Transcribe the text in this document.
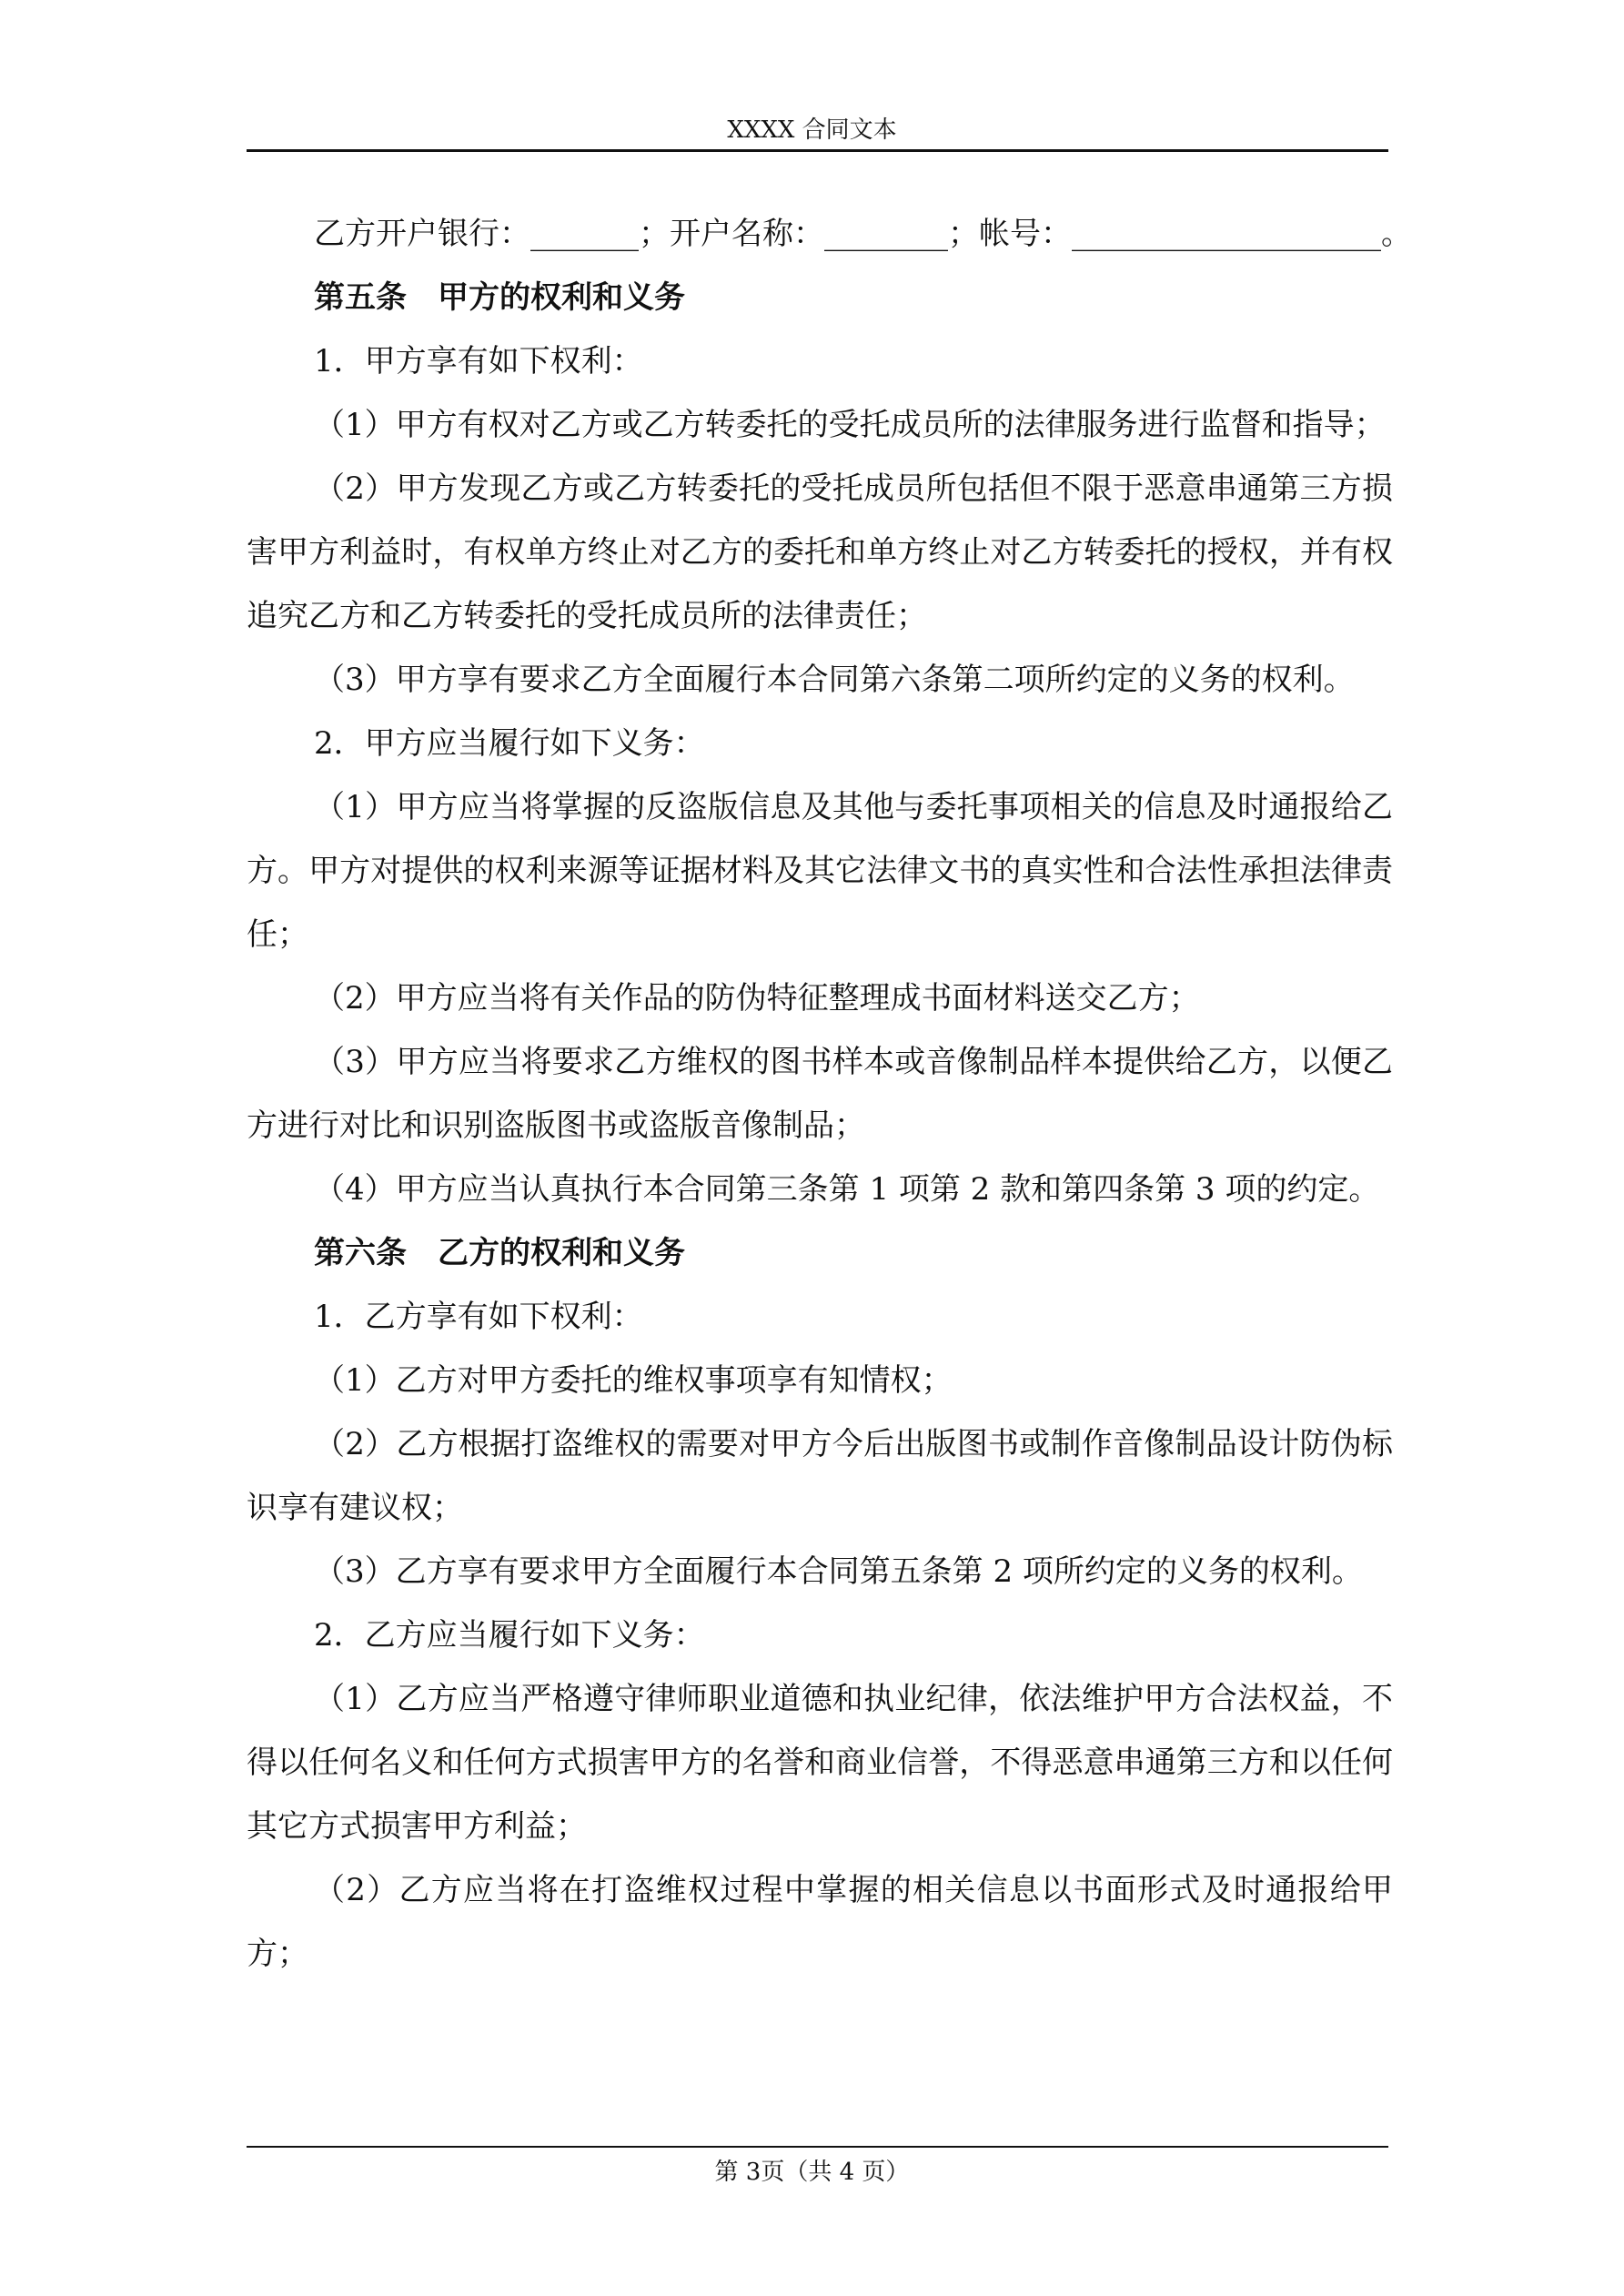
XXXX 合同文本

乙方开户银行：_______；开户名称：________；帐号：____________________。

第五条　甲方的权利和义务

1．甲方享有如下权利：

（1）甲方有权对乙方或乙方转委托的受托成员所的法律服务进行监督和指导；

（2）甲方发现乙方或乙方转委托的受托成员所包括但不限于恶意串通第三方损害甲方利益时，有权单方终止对乙方的委托和单方终止对乙方转委托的授权，并有权追究乙方和乙方转委托的受托成员所的法律责任；

（3）甲方享有要求乙方全面履行本合同第六条第二项所约定的义务的权利。

2．甲方应当履行如下义务：

（1）甲方应当将掌握的反盗版信息及其他与委托事项相关的信息及时通报给乙方。甲方对提供的权利来源等证据材料及其它法律文书的真实性和合法性承担法律责任；

（2）甲方应当将有关作品的防伪特征整理成书面材料送交乙方；

（3）甲方应当将要求乙方维权的图书样本或音像制品样本提供给乙方，以便乙方进行对比和识别盗版图书或盗版音像制品；

（4）甲方应当认真执行本合同第三条第 1 项第 2 款和第四条第 3 项的约定。

第六条　乙方的权利和义务

1．乙方享有如下权利：

（1）乙方对甲方委托的维权事项享有知情权；

（2）乙方根据打盗维权的需要对甲方今后出版图书或制作音像制品设计防伪标识享有建议权；

（3）乙方享有要求甲方全面履行本合同第五条第 2 项所约定的义务的权利。

2．乙方应当履行如下义务：

（1）乙方应当严格遵守律师职业道德和执业纪律，依法维护甲方合法权益，不得以任何名义和任何方式损害甲方的名誉和商业信誉，不得恶意串通第三方和以任何其它方式损害甲方利益；

（2）乙方应当将在打盗维权过程中掌握的相关信息以书面形式及时通报给甲方；

第 3页（共 4 页）
